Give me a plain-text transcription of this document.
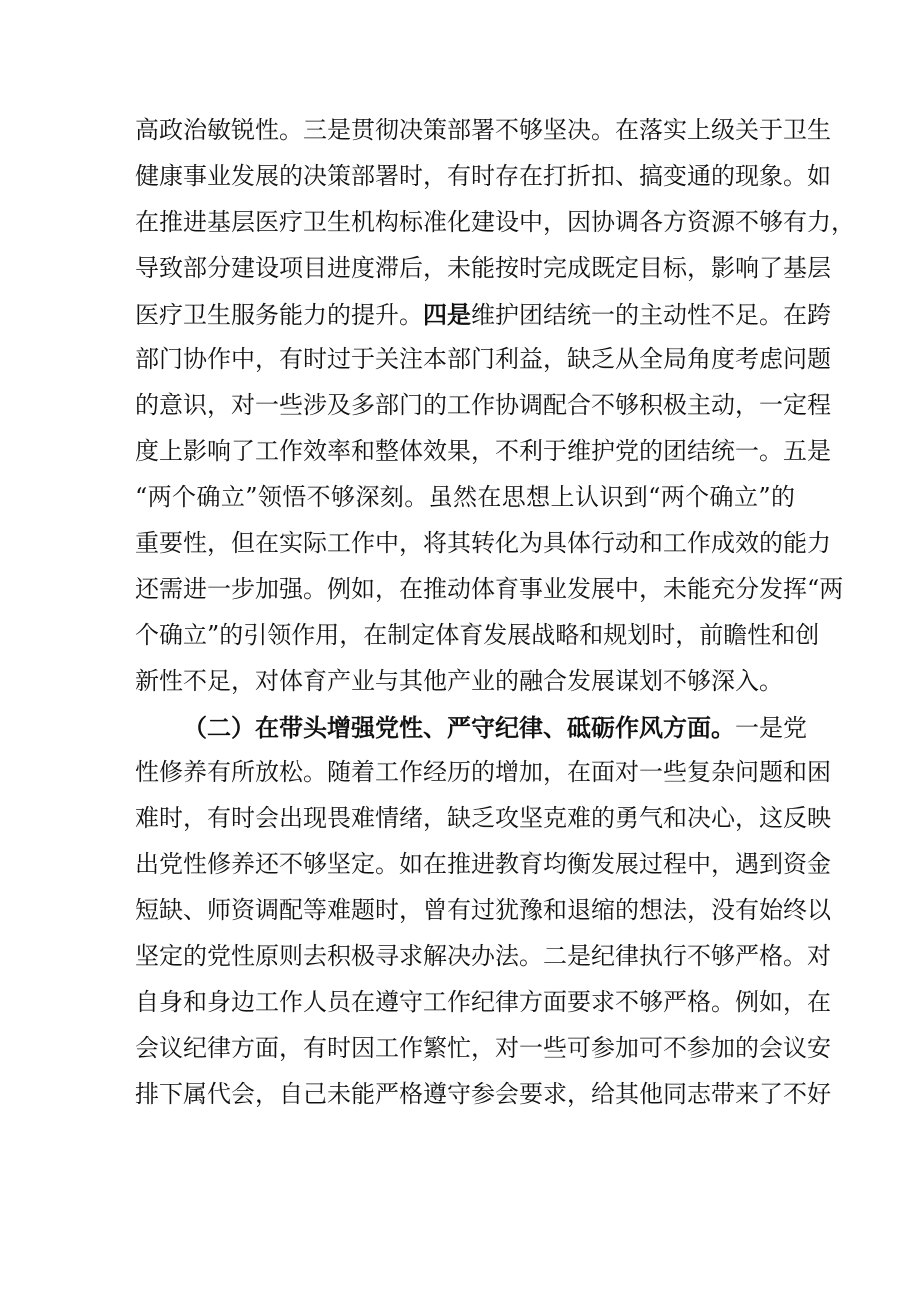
高政治敏锐性。三是贯彻决策部署不够坚决。在落实上级关于卫生
健康事业发展的决策部署时，有时存在打折扣、搞变通的现象。如
在推进基层医疗卫生机构标准化建设中，因协调各方资源不够有力，
导致部分建设项目进度滞后，未能按时完成既定目标，影响了基层
医疗卫生服务能力的提升。四是维护团结统一的主动性不足。在跨
部门协作中，有时过于关注本部门利益，缺乏从全局角度考虑问题
的意识，对一些涉及多部门的工作协调配合不够积极主动，一定程
度上影响了工作效率和整体效果，不利于维护党的团结统一。五是
“两个确立”领悟不够深刻。虽然在思想上认识到“两个确立”的
重要性，但在实际工作中，将其转化为具体行动和工作成效的能力
还需进一步加强。例如，在推动体育事业发展中，未能充分发挥“两
个确立”的引领作用，在制定体育发展战略和规划时，前瞻性和创
新性不足，对体育产业与其他产业的融合发展谋划不够深入。
（二）在带头增强党性、严守纪律、砥砺作风方面。一是党
性修养有所放松。随着工作经历的增加，在面对一些复杂问题和困
难时，有时会出现畏难情绪，缺乏攻坚克难的勇气和决心，这反映
出党性修养还不够坚定。如在推进教育均衡发展过程中，遇到资金
短缺、师资调配等难题时，曾有过犹豫和退缩的想法，没有始终以
坚定的党性原则去积极寻求解决办法。二是纪律执行不够严格。对
自身和身边工作人员在遵守工作纪律方面要求不够严格。例如，在
会议纪律方面，有时因工作繁忙，对一些可参加可不参加的会议安
排下属代会，自己未能严格遵守参会要求，给其他同志带来了不好
